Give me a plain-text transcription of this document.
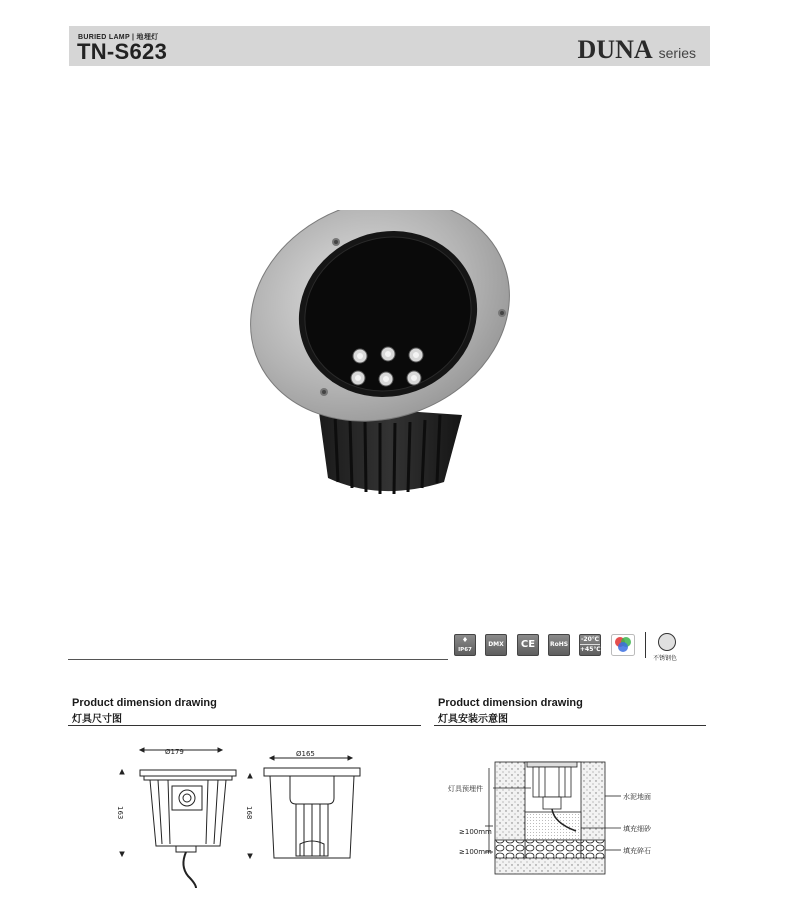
BURIED LAMP | 地埋灯
TN-S623	DUNA series
♦
IP67
DMX CE	RoHS
-20℃
+45℃
不锈钢色
Product dimension drawing
灯具尺寸图
Product dimension drawing
灯具安装示意图
Ø179
163
Ø165
168
灯具预埋件
水泥地面
填充细砂
填充碎石
≥100mm
≥100mm
